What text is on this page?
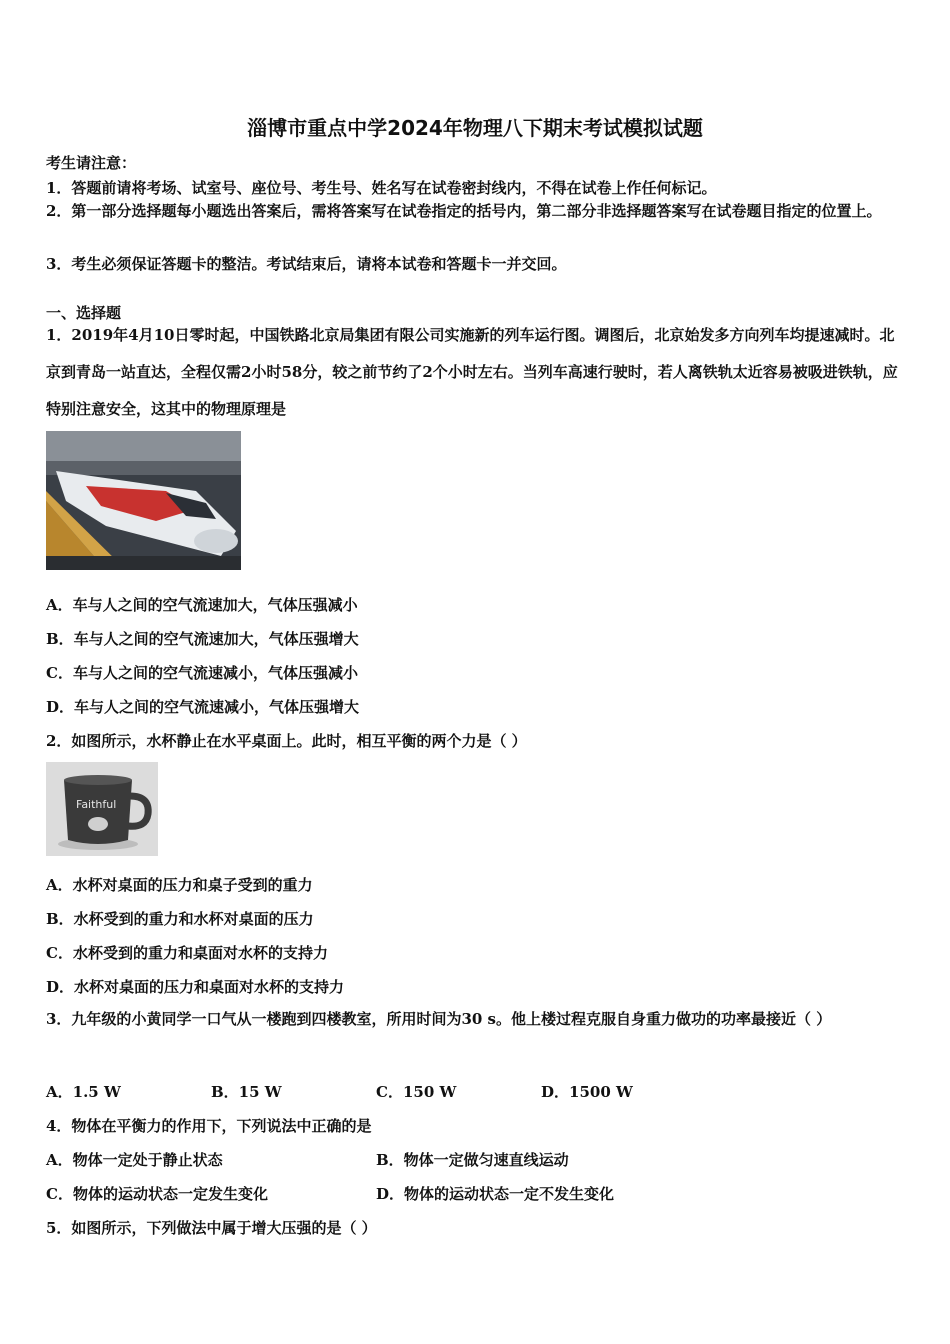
淄博市重点中学2024年物理八下期末考试模拟试题
考生请注意：
1．答题前请将考场、试室号、座位号、考生号、姓名写在试卷密封线内，不得在试卷上作任何标记。
2．第一部分选择题每小题选出答案后，需将答案写在试卷指定的括号内，第二部分非选择题答案写在试卷题目指定的位置上。
3．考生必须保证答题卡的整洁。考试结束后，请将本试卷和答题卡一并交回。
一、选择题
1．2019年4月10日零时起，中国铁路北京局集团有限公司实施新的列车运行图。调图后，北京始发多方向列车均提速减时。北京到青岛一站直达，全程仅需2小时58分，较之前节约了2个小时左右。当列车高速行驶时，若人离铁轨太近容易被吸进铁轨，应特别注意安全，这其中的物理原理是
A．车与人之间的空气流速加大，气体压强减小
B．车与人之间的空气流速加大，气体压强增大
C．车与人之间的空气流速减小，气体压强减小
D．车与人之间的空气流速减小，气体压强增大
2．如图所示，水杯静止在水平桌面上。此时，相互平衡的两个力是（ ）
Faithful
A．水杯对桌面的压力和桌子受到的重力
B．水杯受到的重力和水杯对桌面的压力
C．水杯受到的重力和桌面对水杯的支持力
D．水杯对桌面的压力和桌面对水杯的支持力
3．九年级的小黄同学一口气从一楼跑到四楼教室，所用时间为30 s。他上楼过程克服自身重力做功的功率最接近（ ）
A．1.5 W	B．15 W	C．150 W	D．1500 W
4．物体在平衡力的作用下，下列说法中正确的是
A．物体一定处于静止状态	B．物体一定做匀速直线运动
C．物体的运动状态一定发生变化	D．物体的运动状态一定不发生变化
5．如图所示，下列做法中属于增大压强的是（ ）
